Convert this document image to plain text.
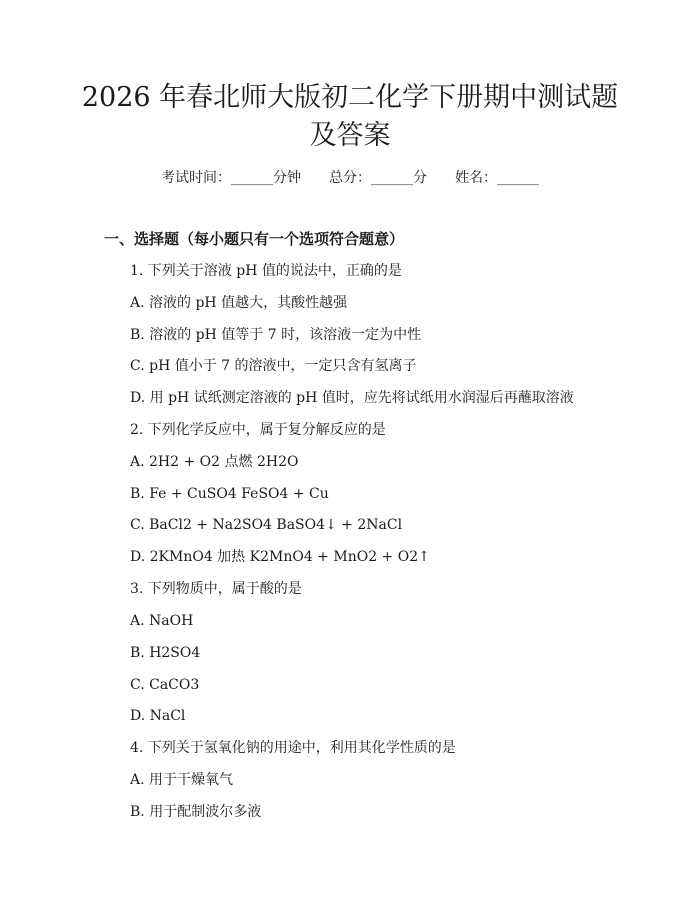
2026 年春北师大版初二化学下册期中测试题
及答案
考试时间：______分钟 总分：______分 姓名：______
一、选择题（每小题只有一个选项符合题意）
1. 下列关于溶液 pH 值的说法中，正确的是
A. 溶液的 pH 值越大，其酸性越强
B. 溶液的 pH 值等于 7 时，该溶液一定为中性
C. pH 值小于 7 的溶液中，一定只含有氢离子
D. 用 pH 试纸测定溶液的 pH 值时，应先将试纸用水润湿后再蘸取溶液
2. 下列化学反应中，属于复分解反应的是
A. 2H2 + O2 点燃 2H2O
B. Fe + CuSO4 FeSO4 + Cu
C. BaCl2 + Na2SO4 BaSO4↓ + 2NaCl
D. 2KMnO4 加热 K2MnO4 + MnO2 + O2↑
3. 下列物质中，属于酸的是
A. NaOH
B. H2SO4
C. CaCO3
D. NaCl
4. 下列关于氢氧化钠的用途中，利用其化学性质的是
A. 用于干燥氧气
B. 用于配制波尔多液
